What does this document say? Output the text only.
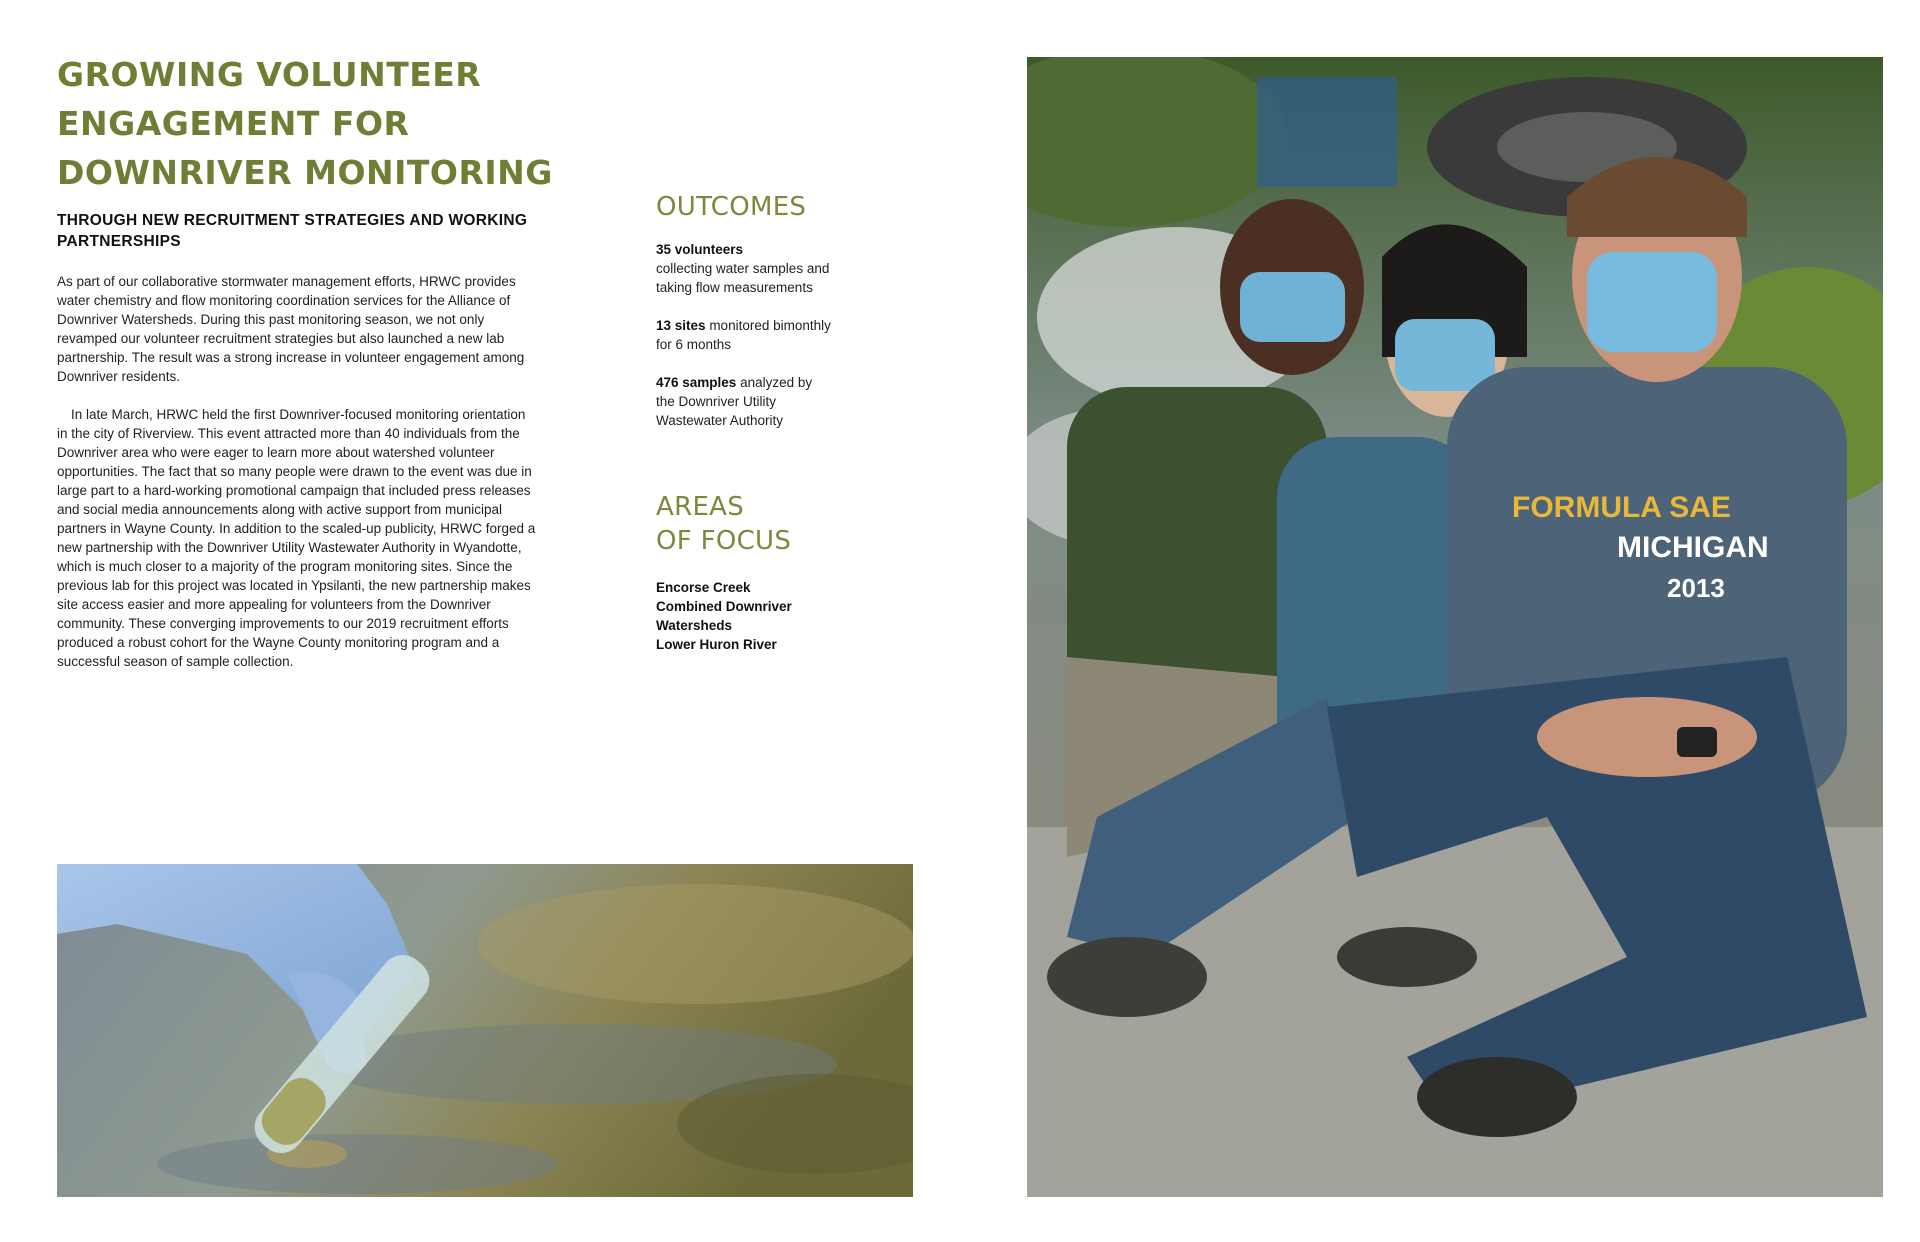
GROWING VOLUNTEER
ENGAGEMENT FOR
DOWNRIVER MONITORING
THROUGH NEW RECRUITMENT STRATEGIES AND WORKING PARTNERSHIPS

As part of our collaborative stormwater management efforts, HRWC provides water chemistry and flow monitoring coordination services for the Alliance of Downriver Watersheds. During this past monitoring season, we not only revamped our volunteer recruitment strategies but also launched a new lab partnership. The result was a strong increase in volunteer engagement among Downriver residents.

In late March, HRWC held the first Downriver-focused monitoring orientation in the city of Riverview. This event attracted more than 40 individuals from the Downriver area who were eager to learn more about watershed volunteer opportunities. The fact that so many people were drawn to the event was due in large part to a hard-working promotional campaign that included press releases and social media announcements along with active support from municipal partners in Wayne County. In addition to the scaled-up publicity, HRWC forged a new partnership with the Downriver Utility Wastewater Authority in Wyandotte, which is much closer to a majority of the program monitoring sites. Since the previous lab for this project was located in Ypsilanti, the new partnership makes site access easier and more appealing for volunteers from the Downriver community. These converging improvements to our 2019 recruitment efforts produced a robust cohort for the Wayne County monitoring program and a successful season of sample collection.

OUTCOMES
35 volunteers
collecting water samples and taking flow measurements
13 sites monitored bimonthly for 6 months
476 samples analyzed by the Downriver Utility Wastewater Authority
AREAS
OF FOCUS
Encorse Creek
Combined Downriver Watersheds
Lower Huron River
FORMULA SAE
MICHIGAN
2013
